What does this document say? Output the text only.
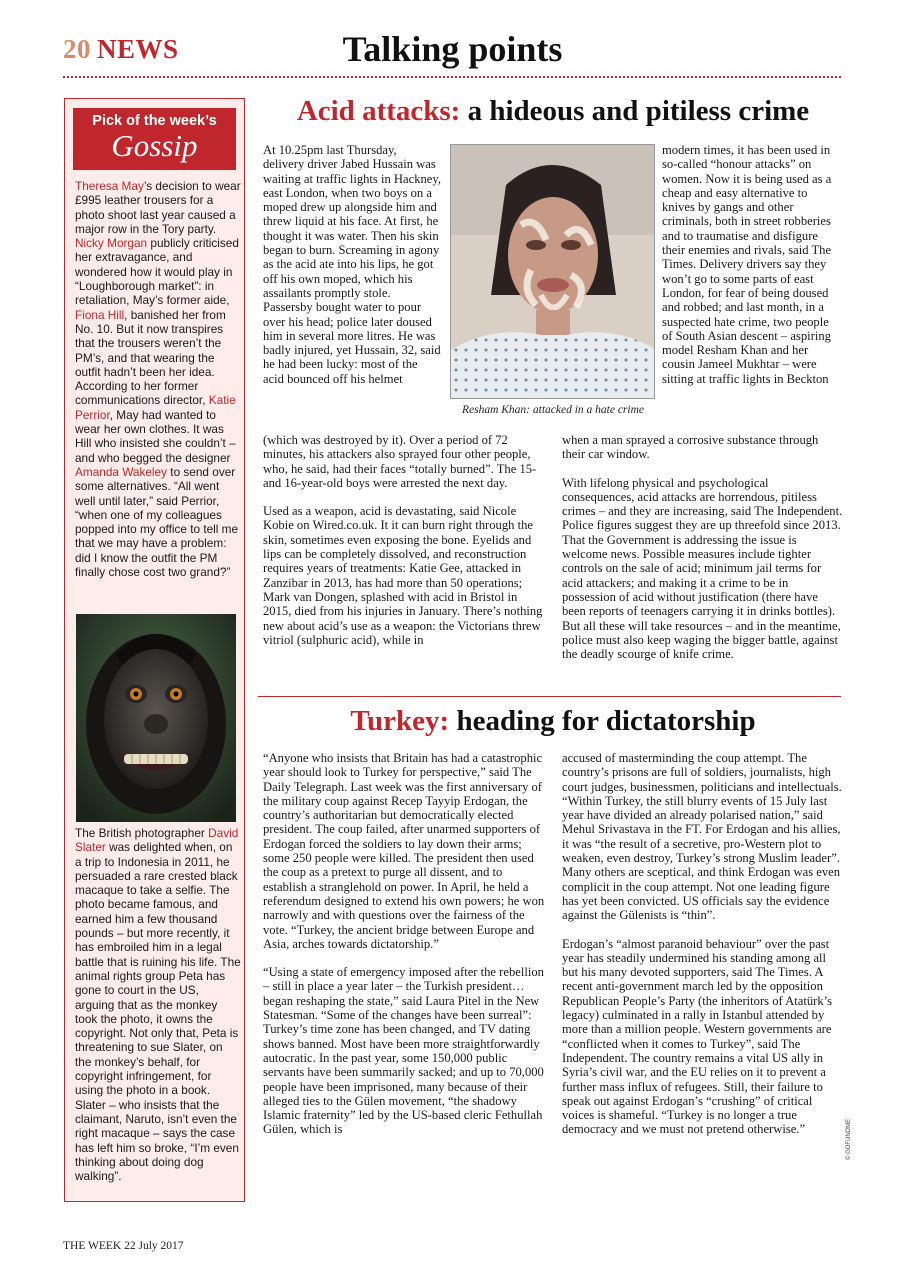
20 NEWS	Talking points
Pick of the week’s
Gossip
Theresa May’s decision to wear £995 leather trousers for a photo shoot last year caused a major row in the Tory party. Nicky Morgan publicly criticised her extravagance, and wondered how it would play in “Loughborough market”: in retaliation, May’s former aide, Fiona Hill, banished her from No. 10. But it now transpires that the trousers weren’t the PM’s, and that wearing the outfit hadn’t been her idea. According to her former communications director, Katie Perrior, May had wanted to wear her own clothes. It was Hill who insisted she couldn’t – and who begged the designer Amanda Wakeley to send over some alternatives. “All went well until later,” said Perrior, “when one of my colleagues popped into my office to tell me that we may have a problem: did I know the outfit the PM finally chose cost two grand?”
The British photographer David Slater was delighted when, on a trip to Indonesia in 2011, he persuaded a rare crested black macaque to take a selfie. The photo became famous, and earned him a few thousand pounds – but more recently, it has embroiled him in a legal battle that is ruining his life. The animal rights group Peta has gone to court in the US, arguing that as the monkey took the photo, it owns the copyright. Not only that, Peta is threatening to sue Slater, on the monkey’s behalf, for copyright infringement, for using the photo in a book. Slater – who insists that the claimant, Naruto, isn’t even the right macaque – says the case has left him so broke, “I’m even thinking about doing dog walking”.
Acid attacks: a hideous and pitiless crime
At 10.25pm last Thursday, delivery driver Jabed Hussain was waiting at traffic lights in Hackney, east London, when two boys on a moped drew up alongside him and threw liquid at his face. At first, he thought it was water. Then his skin began to burn. Screaming in agony as the acid ate into his lips, he got off his own moped, which his assailants promptly stole. Passersby bought water to pour over his head; police later doused him in several more litres. He was badly injured, yet Hussain, 32, said he had been lucky: most of the acid bounced off his helmet

(which was destroyed by it). Over a period of 72 minutes, his attackers also sprayed four other people, who, he said, had their faces “totally burned”. The 15- and 16-year-old boys were arrested the next day.

Used as a weapon, acid is devastating, said Nicole Kobie on Wired.co.uk. It it can burn right through the skin, sometimes even exposing the bone. Eyelids and lips can be completely dissolved, and reconstruction requires years of treatments: Katie Gee, attacked in Zanzibar in 2013, has had more than 50 operations; Mark van Dongen, splashed with acid in Bristol in 2015, died from his injuries in January. There’s nothing new about acid’s use as a weapon: the Victorians threw vitriol (sulphuric acid), while in

Resham Khan: attacked in a hate crime
modern times, it has been used in so-called “honour attacks” on women. Now it is being used as a cheap and easy alternative to knives by gangs and other criminals, both in street robberies and to traumatise and disfigure their enemies and rivals, said The Times. Delivery drivers say they won’t go to some parts of east London, for fear of being doused and robbed; and last month, in a suspected hate crime, two people of South Asian descent – aspiring model Resham Khan and her cousin Jameel Mukhtar – were sitting at traffic lights in Beckton

when a man sprayed a corrosive substance through their car window.

With lifelong physical and psychological consequences, acid attacks are horrendous, pitiless crimes – and they are increasing, said The Independent. Police figures suggest they are up threefold since 2013. That the Government is addressing the issue is welcome news. Possible measures include tighter controls on the sale of acid; minimum jail terms for acid attackers; and making it a crime to be in possession of acid without justification (there have been reports of teenagers carrying it in drinks bottles). But all these will take resources – and in the meantime, police must also keep waging the bigger battle, against the deadly scourge of knife crime.

Turkey: heading for dictatorship

“Anyone who insists that Britain has had a catastrophic year should look to Turkey for perspective,” said The Daily Telegraph. Last week was the first anniversary of the military coup against Recep Tayyip Erdogan, the country’s authoritarian but democratically elected president. The coup failed, after unarmed supporters of Erdogan forced the soldiers to lay down their arms; some 250 people were killed. The president then used the coup as a pretext to purge all dissent, and to establish a stranglehold on power. In April, he held a referendum designed to extend his own powers; he won narrowly and with questions over the fairness of the vote. “Turkey, the ancient bridge between Europe and Asia, arches towards dictatorship.”

“Using a state of emergency imposed after the rebellion – still in place a year later – the Turkish president… began reshaping the state,” said Laura Pitel in the New Statesman. “Some of the changes have been surreal”: Turkey’s time zone has been changed, and TV dating shows banned. Most have been more straightforwardly autocratic. In the past year, some 150,000 public servants have been summarily sacked; and up to 70,000 people have been imprisoned, many because of their alleged ties to the Gülen movement, “the shadowy Islamic fraternity” led by the US-based cleric Fethullah Gülen, which is

accused of masterminding the coup attempt. The country’s prisons are full of soldiers, journalists, high court judges, businessmen, politicians and intellectuals. “Within Turkey, the still blurry events of 15 July last year have divided an already polarised nation,” said Mehul Srivastava in the FT. For Erdogan and his allies, it was “the result of a secretive, pro-Western plot to weaken, even destroy, Turkey’s strong Muslim leader”. Many others are sceptical, and think Erdogan was even complicit in the coup attempt. Not one leading figure has yet been convicted. US officials say the evidence against the Gülenists is “thin”.

Erdogan’s “almost paranoid behaviour” over the past year has steadily undermined his standing among all but his many devoted supporters, said The Times. A recent anti-government march led by the opposition Republican People’s Party (the inheritors of Atatürk’s legacy) culminated in a rally in Istanbul attended by more than a million people. Western governments are “conflicted when it comes to Turkey”, said The Independent. The country remains a vital US ally in Syria’s civil war, and the EU relies on it to prevent a further mass influx of refugees. Still, their failure to speak out against Erdogan’s “crushing” of critical voices is shameful. “Turkey is no longer a true democracy and we must not pretend otherwise.”

THE WEEK 22 July 2017
© GOFUNDME
